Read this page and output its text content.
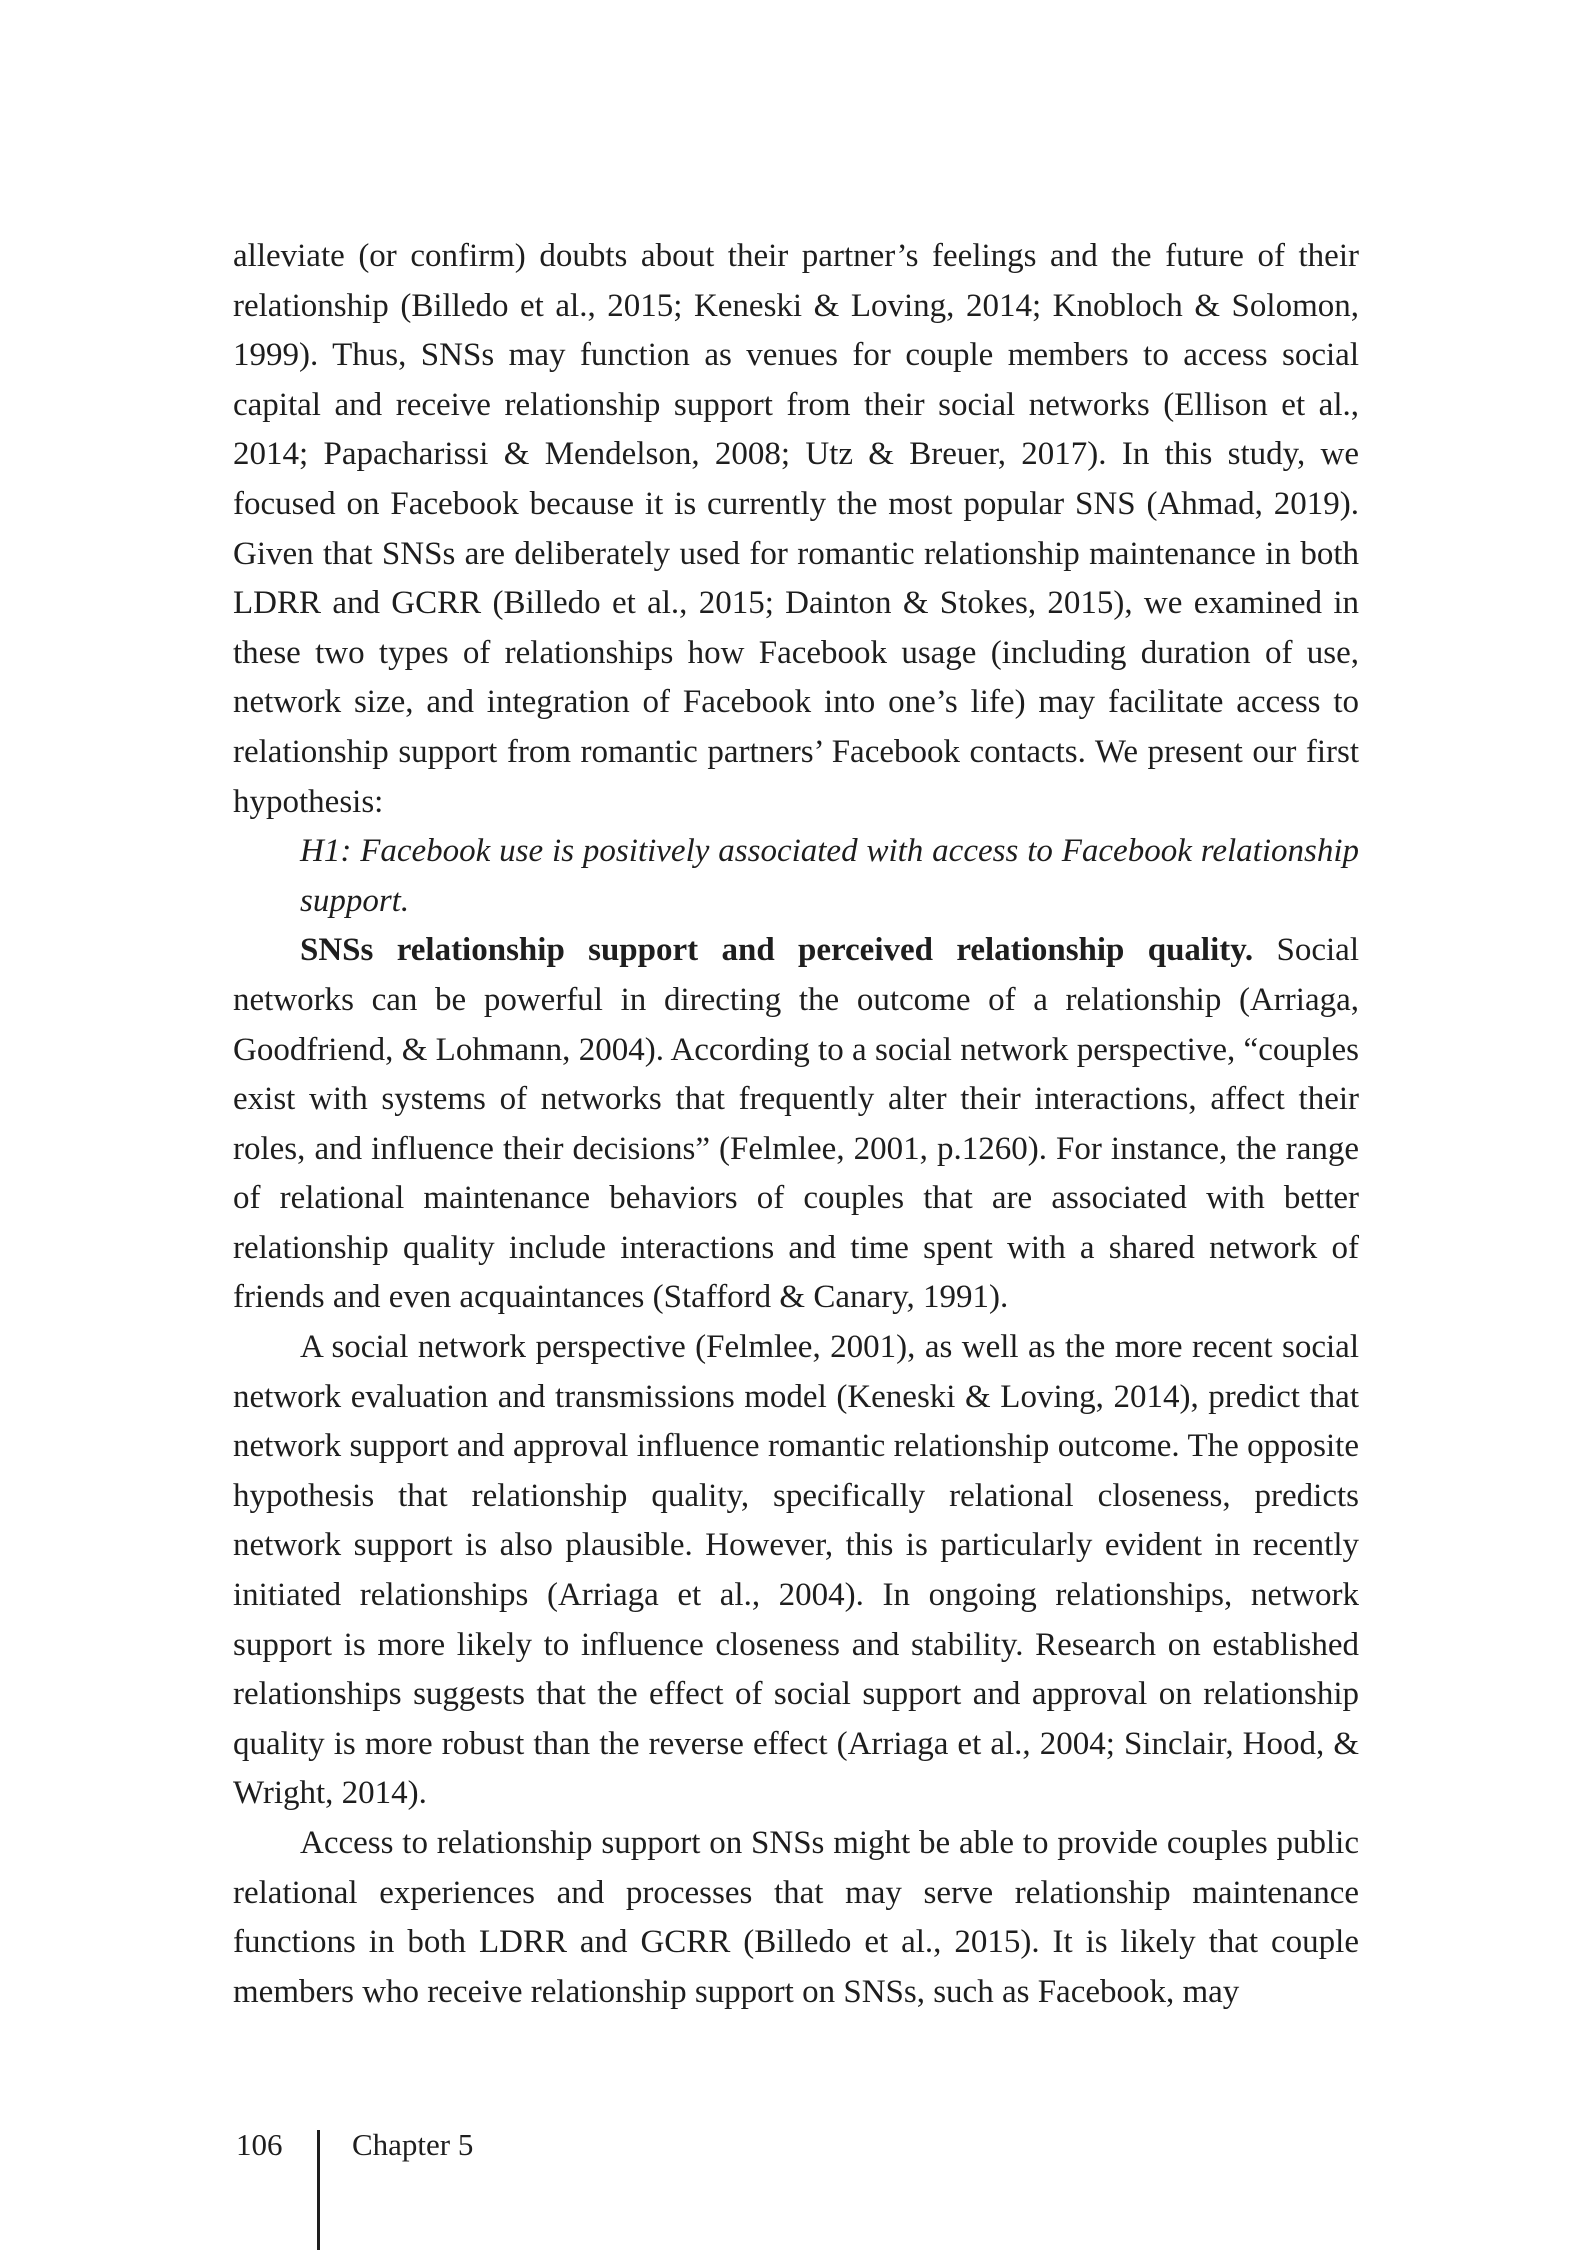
alleviate (or confirm) doubts about their partner’s feelings and the future of their relationship (Billedo et al., 2015; Keneski & Loving, 2014; Knobloch & Solomon, 1999). Thus, SNSs may function as venues for couple members to access social capital and receive relationship support from their social networks (Ellison et al., 2014; Papacharissi & Mendelson, 2008; Utz & Breuer, 2017). In this study, we focused on Facebook because it is currently the most popular SNS (Ahmad, 2019). Given that SNSs are deliberately used for romantic relationship maintenance in both LDRR and GCRR (Billedo et al., 2015; Dainton & Stokes, 2015), we examined in these two types of relationships how Facebook usage (including duration of use, network size, and integration of Facebook into one’s life) may facilitate access to relationship support from romantic partners’ Facebook contacts. We present our first hypothesis:

H1: Facebook use is positively associated with access to Facebook relationship support.

SNSs relationship support and perceived relationship quality. Social networks can be powerful in directing the outcome of a relationship (Arriaga, Goodfriend, & Lohmann, 2004). According to a social network perspective, “couples exist with systems of networks that frequently alter their interactions, affect their roles, and influence their decisions” (Felmlee, 2001, p.1260). For instance, the range of relational maintenance behaviors of couples that are associated with better relationship quality include interactions and time spent with a shared network of friends and even acquaintances (Stafford & Canary, 1991).

A social network perspective (Felmlee, 2001), as well as the more recent social network evaluation and transmissions model (Keneski & Loving, 2014), predict that network support and approval influence romantic relationship outcome. The opposite hypothesis that relationship quality, specifically relational closeness, predicts network support is also plausible. However, this is particularly evident in recently initiated relationships (Arriaga et al., 2004). In ongoing relationships, network support is more likely to influence closeness and stability. Research on established relationships suggests that the effect of social support and approval on relationship quality is more robust than the reverse effect (Arriaga et al., 2004; Sinclair, Hood, & Wright, 2014).

Access to relationship support on SNSs might be able to provide couples public relational experiences and processes that may serve relationship maintenance functions in both LDRR and GCRR (Billedo et al., 2015). It is likely that couple members who receive relationship support on SNSs, such as Facebook, may

106 Chapter 5
